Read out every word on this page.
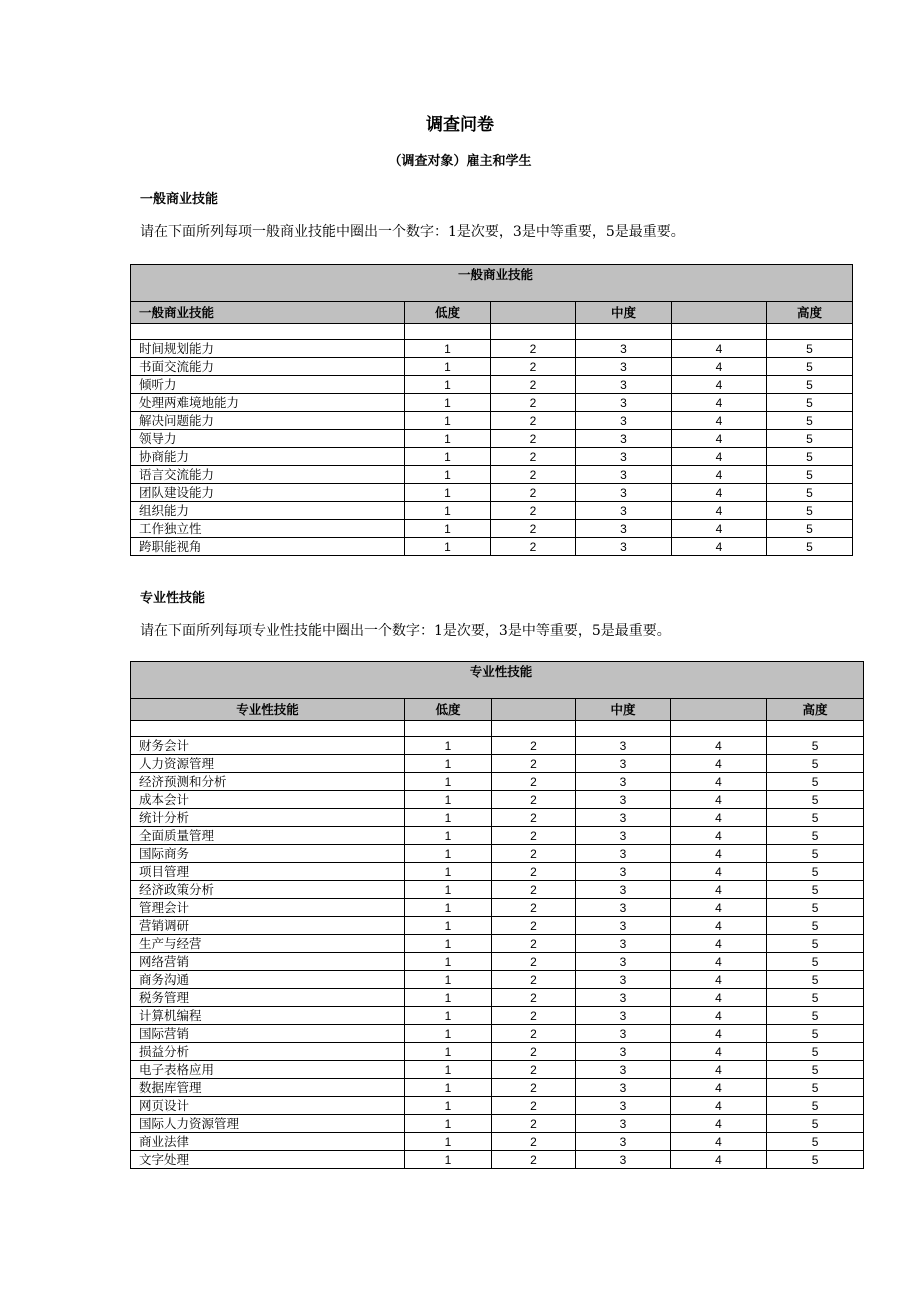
调查问卷
（调查对象）雇主和学生
一般商业技能
请在下面所列每项一般商业技能中圈出一个数字：1是次要，3是中等重要，5是最重要。
一般商业技能					
一般商业技能	低度		中度		高度

时间规划能力	1	2	3	4	5
书面交流能力	1	2	3	4	5
倾听力	1	2	3	4	5
处理两难境地能力	1	2	3	4	5
解决问题能力	1	2	3	4	5
领导力	1	2	3	4	5
协商能力	1	2	3	4	5
语言交流能力	1	2	3	4	5
团队建设能力	1	2	3	4	5
组织能力	1	2	3	4	5
工作独立性	1	2	3	4	5
跨职能视角	1	2	3	4	5
专业性技能
请在下面所列每项专业性技能中圈出一个数字：1是次要，3是中等重要，5是最重要。
专业性技能					
专业性技能	低度		中度		高度

财务会计	1	2	3	4	5
人力资源管理	1	2	3	4	5
经济预测和分析	1	2	3	4	5
成本会计	1	2	3	4	5
统计分析	1	2	3	4	5
全面质量管理	1	2	3	4	5
国际商务	1	2	3	4	5
项目管理	1	2	3	4	5
经济政策分析	1	2	3	4	5
管理会计	1	2	3	4	5
营销调研	1	2	3	4	5
生产与经营	1	2	3	4	5
网络营销	1	2	3	4	5
商务沟通	1	2	3	4	5
税务管理	1	2	3	4	5
计算机编程	1	2	3	4	5
国际营销	1	2	3	4	5
损益分析	1	2	3	4	5
电子表格应用	1	2	3	4	5
数据库管理	1	2	3	4	5
网页设计	1	2	3	4	5
国际人力资源管理	1	2	3	4	5
商业法律	1	2	3	4	5
文字处理	1	2	3	4	5
